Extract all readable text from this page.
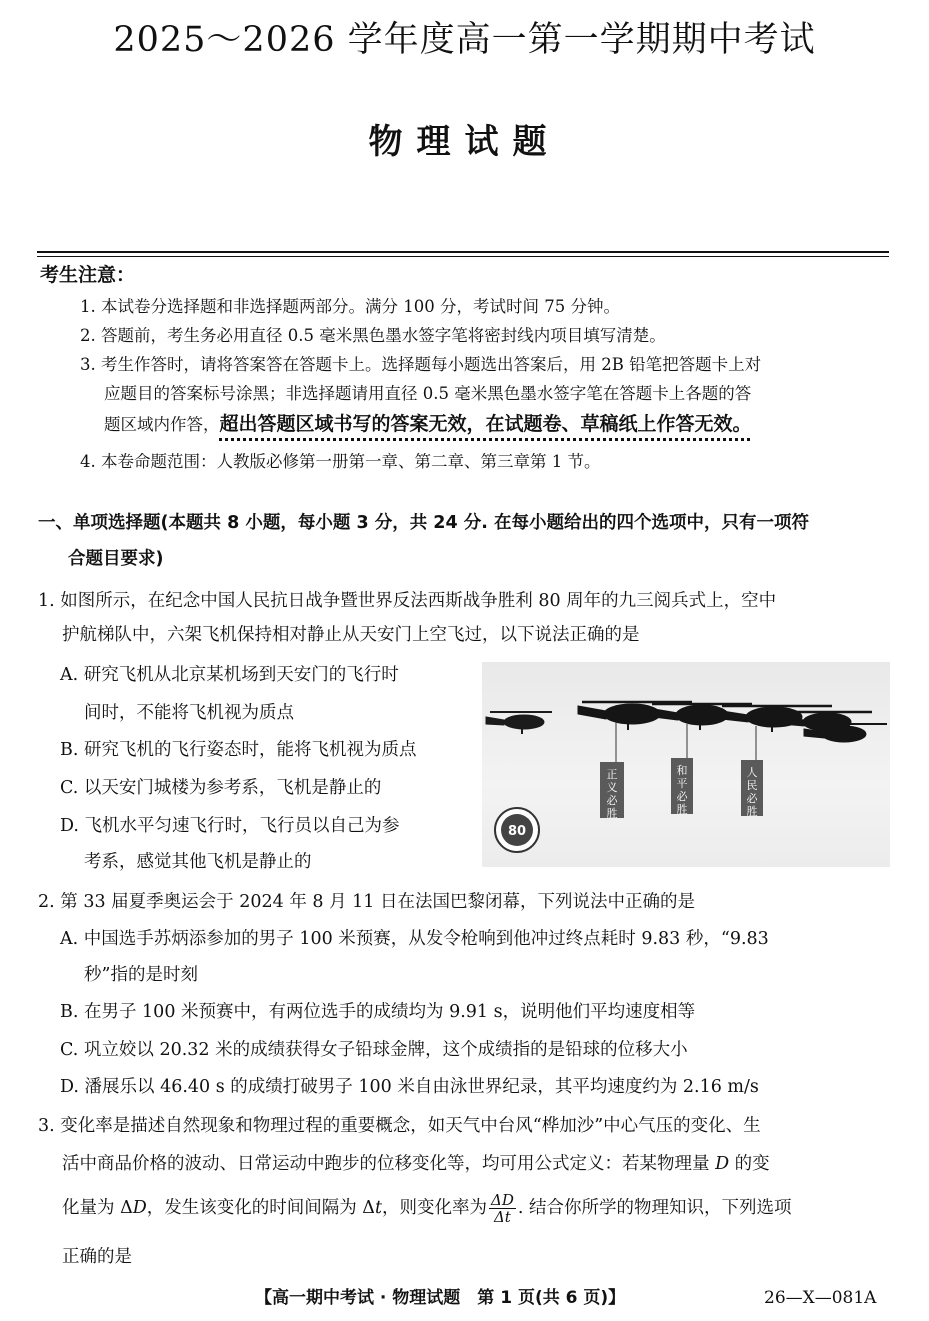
2025～2026 学年度高一第一学期期中考试
物理试题
考生注意：
1. 本试卷分选择题和非选择题两部分。满分 100 分，考试时间 75 分钟。
2. 答题前，考生务必用直径 0.5 毫米黑色墨水签字笔将密封线内项目填写清楚。
3. 考生作答时，请将答案答在答题卡上。选择题每小题选出答案后，用 2B 铅笔把答题卡上对
应题目的答案标号涂黑；非选择题请用直径 0.5 毫米黑色墨水签字笔在答题卡上各题的答
题区域内作答，超出答题区域书写的答案无效，在试题卷、草稿纸上作答无效。
4. 本卷命题范围：人教版必修第一册第一章、第二章、第三章第 1 节。
一、单项选择题(本题共 8 小题，每小题 3 分，共 24 分. 在每小题给出的四个选项中，只有一项符
合题目要求)
1. 如图所示，在纪念中国人民抗日战争暨世界反法西斯战争胜利 80 周年的九三阅兵式上，空中
护航梯队中，六架飞机保持相对静止从天安门上空飞过，以下说法正确的是
A. 研究飞机从北京某机场到天安门的飞行时
间时，不能将飞机视为质点
B. 研究飞机的飞行姿态时，能将飞机视为质点
C. 以天安门城楼为参考系，飞机是静止的
D. 飞机水平匀速飞行时，飞行员以自己为参
考系，感觉其他飞机是静止的
正义必胜
和平必胜
人民必胜
80
2. 第 33 届夏季奥运会于 2024 年 8 月 11 日在法国巴黎闭幕，下列说法中正确的是
A. 中国选手苏炳添参加的男子 100 米预赛，从发令枪响到他冲过终点耗时 9.83 秒，“9.83
秒”指的是时刻
B. 在男子 100 米预赛中，有两位选手的成绩均为 9.91 s，说明他们平均速度相等
C. 巩立姣以 20.32 米的成绩获得女子铅球金牌，这个成绩指的是铅球的位移大小
D. 潘展乐以 46.40 s 的成绩打破男子 100 米自由泳世界纪录，其平均速度约为 2.16 m/s
3. 变化率是描述自然现象和物理过程的重要概念，如天气中台风“桦加沙”中心气压的变化、生
活中商品价格的波动、日常运动中跑步的位移变化等，均可用公式定义：若某物理量 D 的变
化量为 ΔD，发生该变化的时间间隔为 Δt，则变化率为 $\frac{\Delta D}{\Delta t}$ . 结合你所学的物理知识，下列选项
正确的是
【高一期中考试 · 物理试题　第 1 页(共 6 页)】	26—X—081A
